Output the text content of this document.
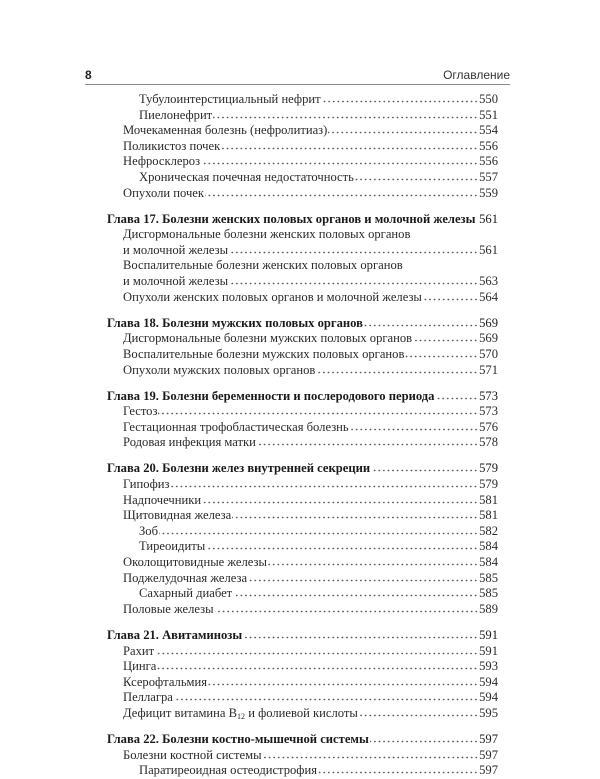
8	Оглавление
Тубулоинтерстициальный нефрит	550
Пиелонефрит	551
Мочекаменная болезнь (нефролитиаз)	554
Поликистоз почек	556
Нефросклероз	556
Хроническая почечная недостаточность	557
Опухоли почек	559
Глава 17. Болезни женских половых органов и молочной железы 561
Дисгормональные болезни женских половых органов
и молочной железы	561
Воспалительные болезни женских половых органов
и молочной железы	563
Опухоли женских половых органов и молочной железы	564
Глава 18. Болезни мужских половых органов	569
Дисгормональные болезни мужских половых органов	569
Воспалительные болезни мужских половых органов	570
Опухоли мужских половых органов	571
Глава 19. Болезни беременности и послеродового периода	573
Гестоз	573
Гестационная трофобластическая болезнь	576
Родовая инфекция матки	578
Глава 20. Болезни желез внутренней секреции	579
Гипофиз	579
Надпочечники	581
Щитовидная железа	581
Зоб	582
Тиреоидиты	584
Околощитовидные железы	584
Поджелудочная железа	585
Сахарный диабет	585
Половые железы	589
Глава 21. Авитаминозы	591
Рахит	591
Цинга	593
Ксерофтальмия	594
Пеллагра	594
Дефицит витамина $B_{12}$ и фолиевой кислоты	595
Глава 22. Болезни костно-мышечной системы	597
Болезни костной системы	597
Паратиреоидная остеодистрофия	597
